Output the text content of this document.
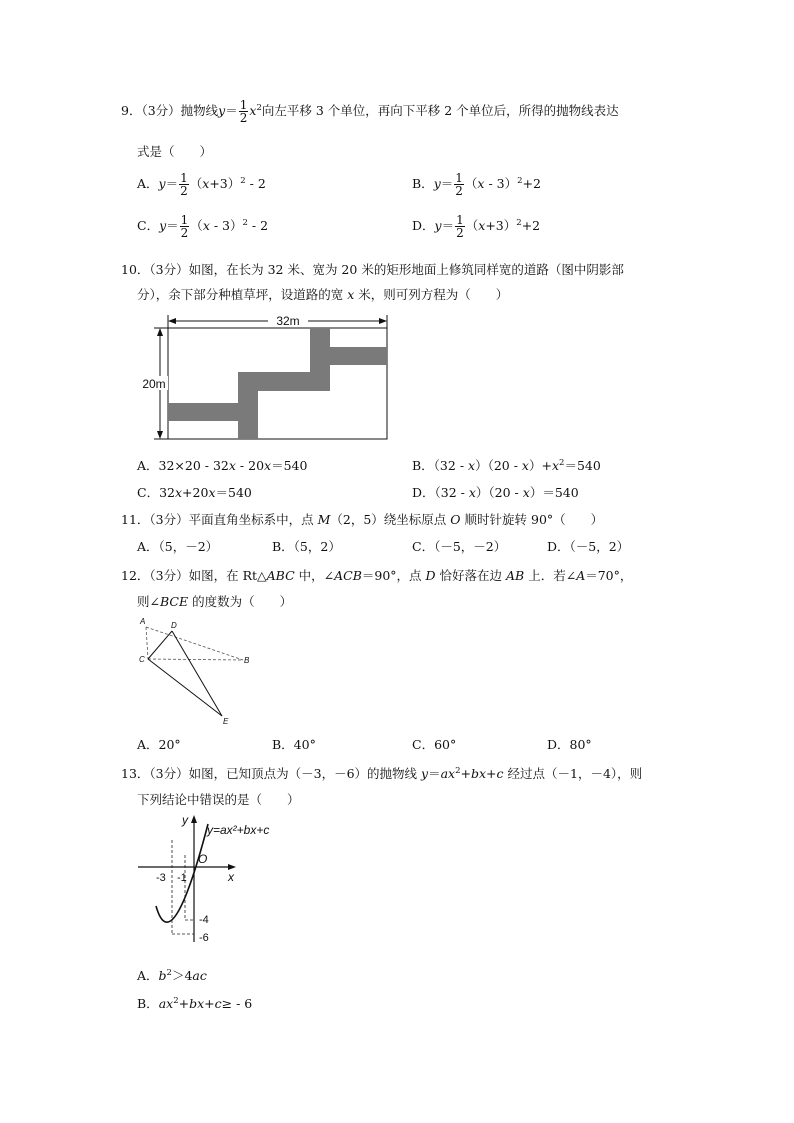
9．（3分）抛物线$y= \frac{1}{2} x^2$向左平移 3 个单位，再向下平移 2 个单位后，所得的抛物线表达
式是（　　）
A．$y= \frac{1}{2} (x+3)^2 - 2$	B．$y= \frac{1}{2} (x - 3)^2+2$
C．$y= \frac{1}{2} (x - 3)^2 - 2$	D．$y= \frac{1}{2} (x+3)^2+2$
10．（3分）如图，在长为 32 米、宽为 20 米的矩形地面上修筑同样宽的道路（图中阴影部
分），余下部分种植草坪，设道路的宽 x 米，则可列方程为（　　）
32m
20m
A．32×20 - 32x - 20x＝540	B．$(32 - x)(20 - x)+x^2=540$
C．32x+20x＝540	D．（32 - x）（20 - x）＝540
11．（3分）平面直角坐标系中，点 M（2，5）绕坐标原点 O 顺时针旋转 90°（　　）
A．（5，－2）	B．（5，2）	C．（－5，－2）	D．（－5，2）
12．（3分）如图，在 Rt△ABC 中，∠ACB＝90°，点 D 恰好落在边 AB 上．若∠A＝70°，
则∠BCE 的度数为（　　）
A	D
C	B
E
A．20°	B．40°	C．60°	D．80°
13．（3分）如图，已知顶点为（－3，－6）的抛物线 $y=ax^2+bx+c$ 经过点（－1，－4），则
下列结论中错误的是（　　）
y
y=ax²+bx+c
O
x
-3 -1
-4
-6
A．$b^2>4ac$
B．$ax^2+bx+c\ge - 6$
